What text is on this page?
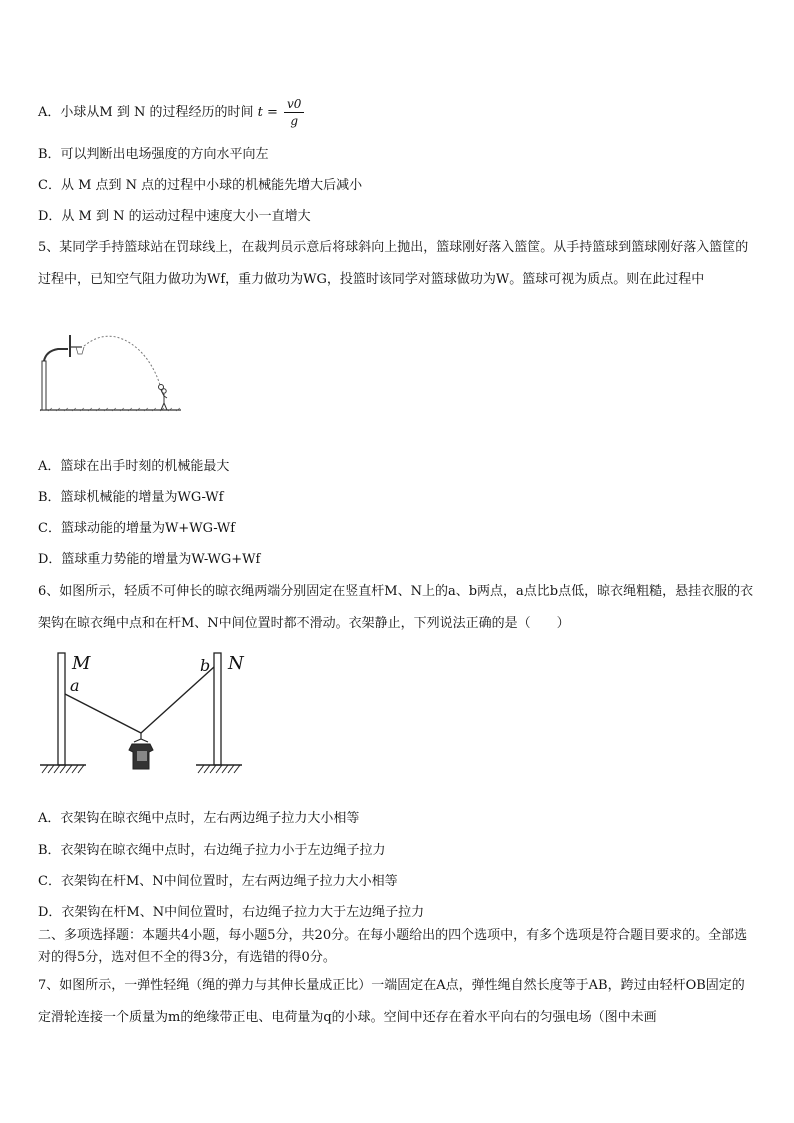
A．小球从M 到 N 的过程经历的时间 $t = \frac{v0}{g}$
B．可以判断出电场强度的方向水平向左
C．从 M 点到 N 点的过程中小球的机械能先增大后减小
D．从 M 到 N 的运动过程中速度大小一直增大
5、某同学手持篮球站在罚球线上，在裁判员示意后将球斜向上抛出，篮球刚好落入篮筐。从手持篮球到篮球刚好落入篮筐的过程中，已知空气阻力做功为Wf，重力做功为WG，投篮时该同学对篮球做功为W。篮球可视为质点。则在此过程中
A．篮球在出手时刻的机械能最大
B．篮球机械能的增量为WG-Wf
C．篮球动能的增量为W+WG-Wf
D．篮球重力势能的增量为W-WG+Wf
6、如图所示，轻质不可伸长的晾衣绳两端分别固定在竖直杆M、N上的a、b两点，a点比b点低，晾衣绳粗糙，悬挂衣服的衣架钩在晾衣绳中点和在杆M、N中间位置时都不滑动。衣架静止，下列说法正确的是（　　）
M
a
b N
A．衣架钩在晾衣绳中点时，左右两边绳子拉力大小相等
B．衣架钩在晾衣绳中点时，右边绳子拉力小于左边绳子拉力
C．衣架钩在杆M、N中间位置时，左右两边绳子拉力大小相等
D．衣架钩在杆M、N中间位置时，右边绳子拉力大于左边绳子拉力
二、多项选择题：本题共4小题，每小题5分，共20分。在每小题给出的四个选项中，有多个选项是符合题目要求的。全部选对的得5分，选对但不全的得3分，有选错的得0分。
7、如图所示，一弹性轻绳（绳的弹力与其伸长量成正比）一端固定在A点，弹性绳自然长度等于AB，跨过由轻杆OB固定的定滑轮连接一个质量为m的绝缘带正电、电荷量为q的小球。空间中还存在着水平向右的匀强电场（图中未画
